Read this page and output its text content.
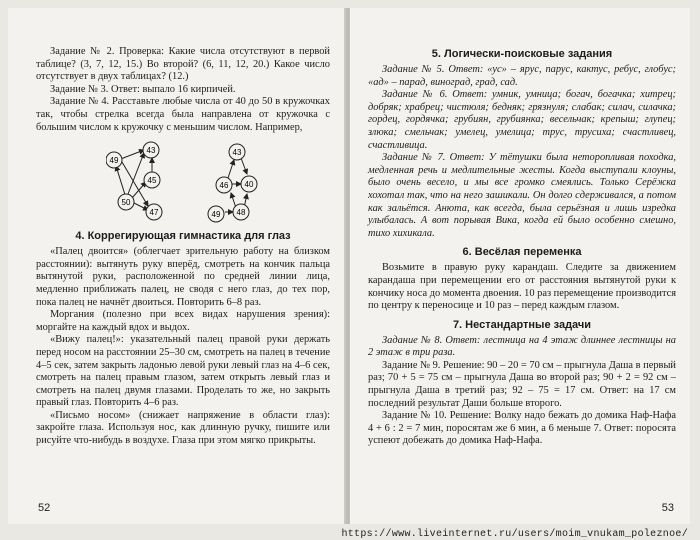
Задание № 2. Проверка: Какие числа отсутствуют в первой таблице? (3, 7, 12, 15.) Во второй? (6, 11, 12, 20.) Какое число отсутствует в двух таблицах? (12.)

Задание № 3. Ответ: выпало 16 кирпичей.

Задание № 4. Расставьте любые числа от 40 до 50 в кружочках так, чтобы стрелка всегда была направлена от кружочка с большим числом к кружочку с меньшим числом. Например,

49
43
45
50
47
43
46 40
49 48
4. Коррегирующая гимнастика для глаз

«Палец двоится» (облегчает зрительную работу на близком расстоянии): вытянуть руку вперёд, смотреть на кончик пальца вытянутой руки, расположенной по средней линии лица, медленно приближать палец, не сводя с него глаз, до тех пор, пока палец не начнёт двоиться. Повторить 6–8 раз.

Моргания (полезно при всех видах нарушения зрения): моргайте на каждый вдох и выдох.

«Вижу палец!»: указательный палец правой руки держать перед носом на расстоянии 25–30 см, смотреть на палец в течение 4–5 сек, затем закрыть ладонью левой руки левый глаз на 4–6 сек, смотреть на палец правым глазом, затем открыть левый глаз и смотреть на палец двумя глазами. Проделать то же, но закрыть правый глаз. Повторить 4–6 раз.

«Письмо носом» (снижает напряжение в области глаз): закройте глаза. Используя нос, как длинную ручку, пишите или рисуйте что-нибудь в воздухе. Глаза при этом мягко прикрыты.

52
5. Логически-поисковые задания

Задание № 5. Ответ: «ус» – ярус, парус, кактус, ребус, глобус; «ад» – парад, виноград, град, сад.

Задание № 6. Ответ: умник, умница; богач, богачка; хитрец; добряк; храбрец; чистюля; бедняк; грязнуля; слабак; силач, силачка; гордец, гордячка; грубиян, грубиянка; весельчак; крепыш; глупец; злюка; смельчак; умелец, умелица; трус, трусиха; счастливец, счастливица.

Задание № 7. Ответ: У тётушки была неторопливая походка, медленная речь и медлительные жесты. Когда выступали клоуны, было очень весело, и мы все громко смеялись. Только Серёжка хохотал так, что на него зашикали. Он долго сдерживался, а потом как зальётся. Анюта, как всегда, была серьёзная и лишь изредка улыбалась. А вот порывая Вика, когда ей было особенно смешно, тихо хихикала.

6. Весёлая переменка

Возьмите в правую руку карандаш. Следите за движением карандаша при перемещении его от расстояния вытянутой руки к кончику носа до момента двоения. 10 раз перемещение производится по центру к переносице и 10 раз – перед каждым глазом.

7. Нестандартные задачи

Задание № 8. Ответ: лестница на 4 этаж длиннее лестницы на 2 этаж в три раза.

Задание № 9. Решение: 90 – 20 = 70 см – прыгнула Даша в первый раз; 70 + 5 = 75 см – прыгнула Даша во второй раз; 90 + 2 = 92 см – прыгнула Даша в третий раз; 92 – 75 = 17 см. Ответ: на 17 см последний результат Даши больше второго.

Задание № 10. Решение: Волку надо бежать до домика Наф-Нафа 4 + 6 : 2 = 7 мин, поросятам же 6 мин, а 6 меньше 7. Ответ: поросята успеют добежать до домика Наф-Нафа.

53
https://www.liveinternet.ru/users/moim_vnukam_poleznoe/
